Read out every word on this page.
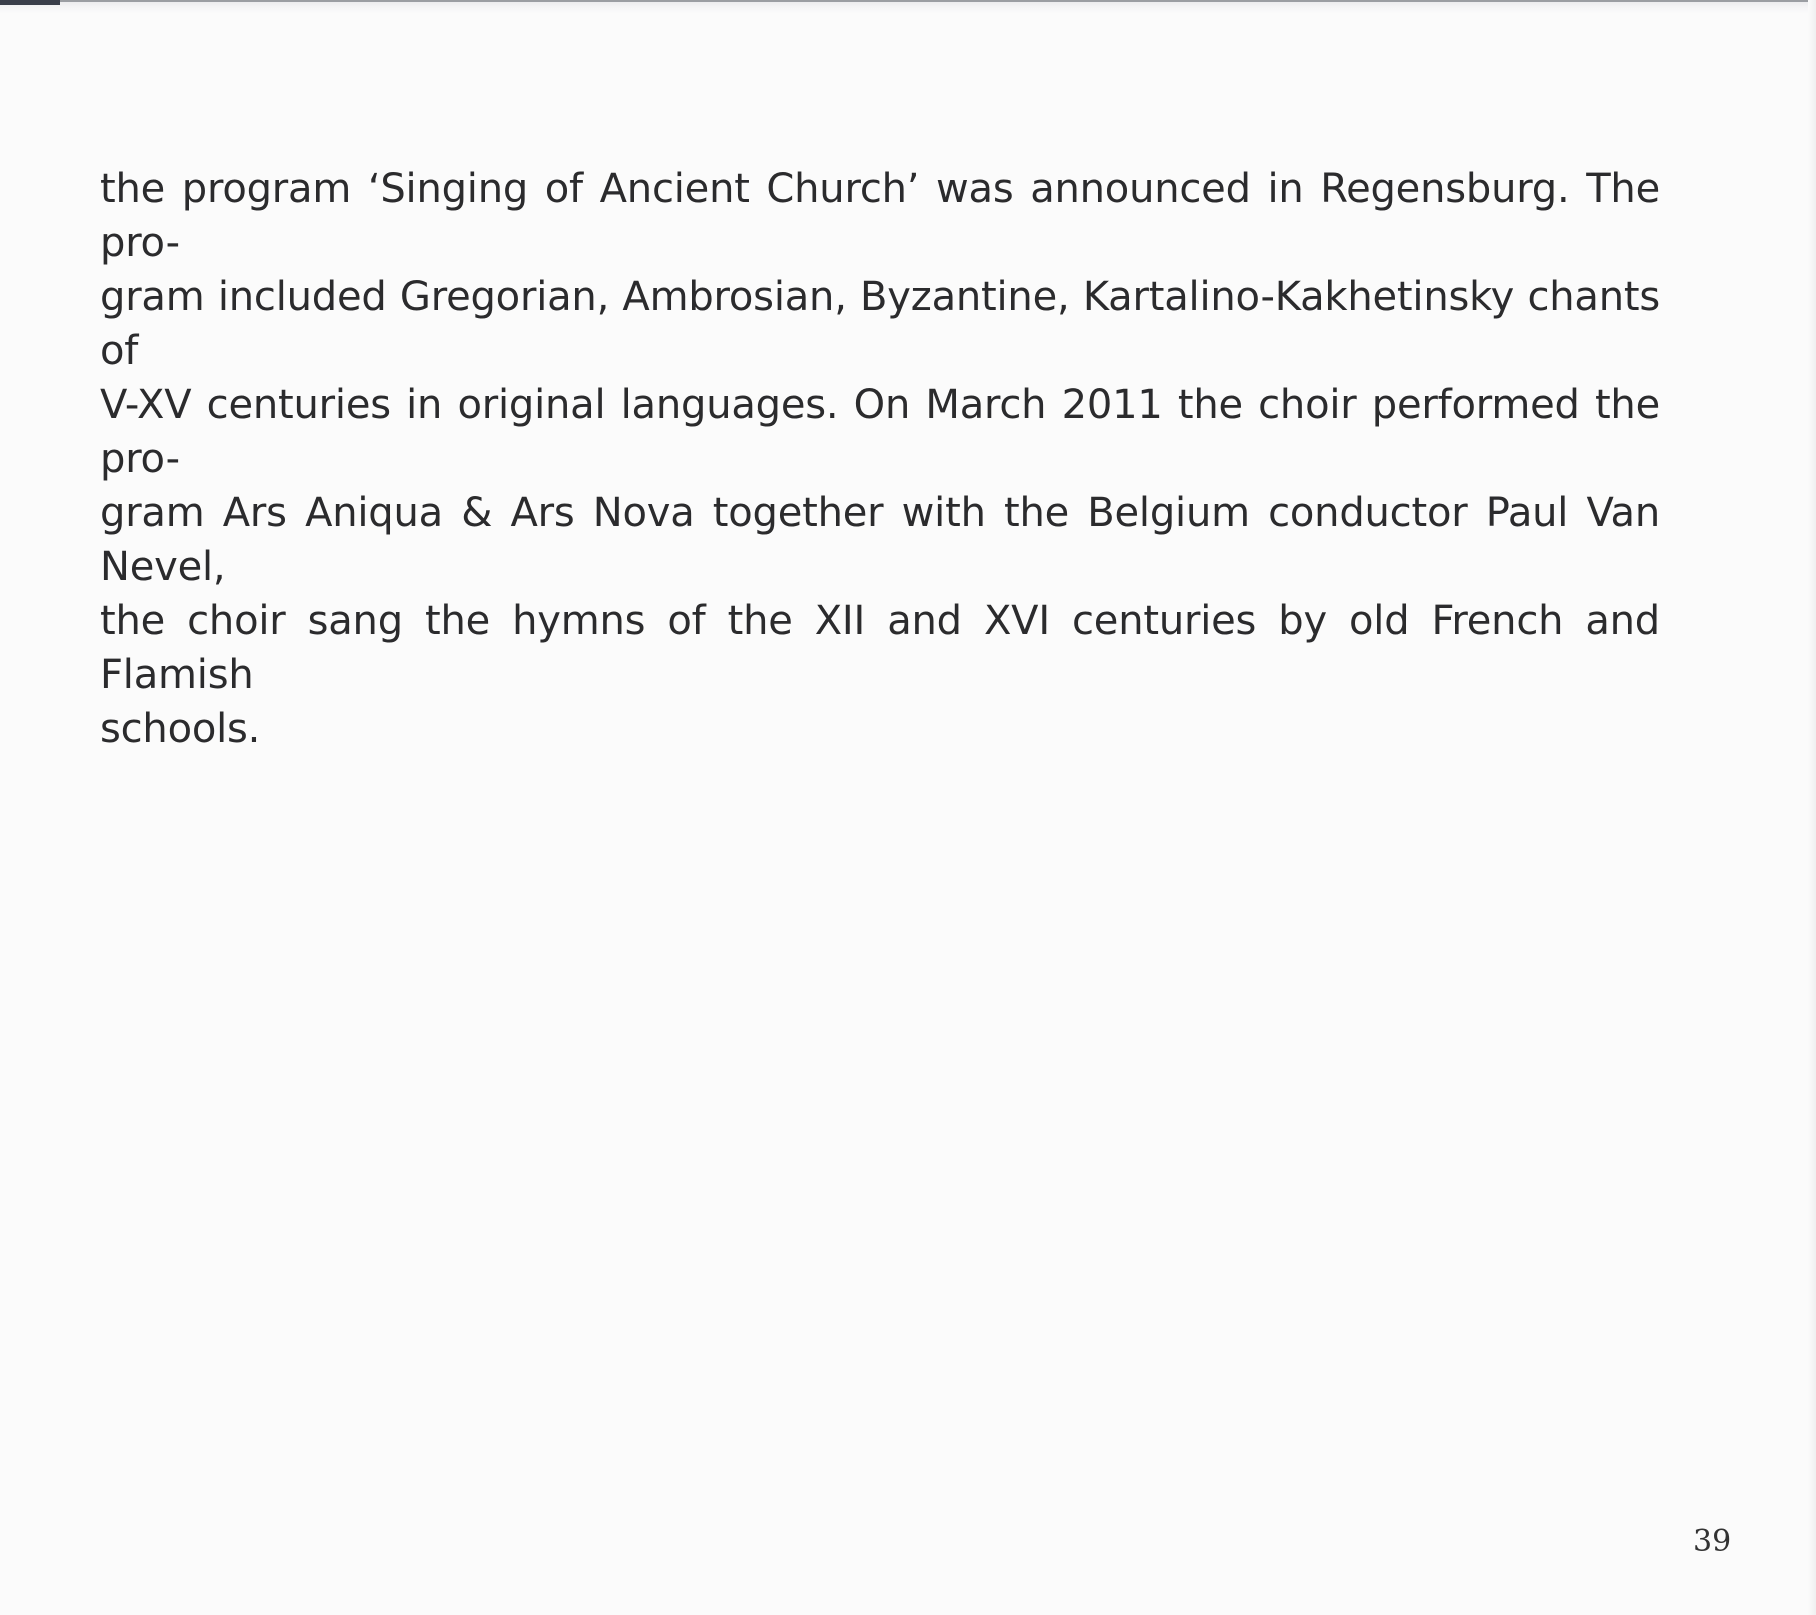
the program ‘Singing of Ancient Church’ was announced in Regensburg. The pro-
gram included Gregorian, Ambrosian, Byzantine, Kartalino-Kakhetinsky chants of
V-XV centuries in original languages. On March 2011 the choir performed the pro-
gram Ars Aniqua & Ars Nova together with the Belgium conductor Paul Van Nevel,
the choir sang the hymns of the XII and XVI centuries by old French and Flamish
schools.

39
